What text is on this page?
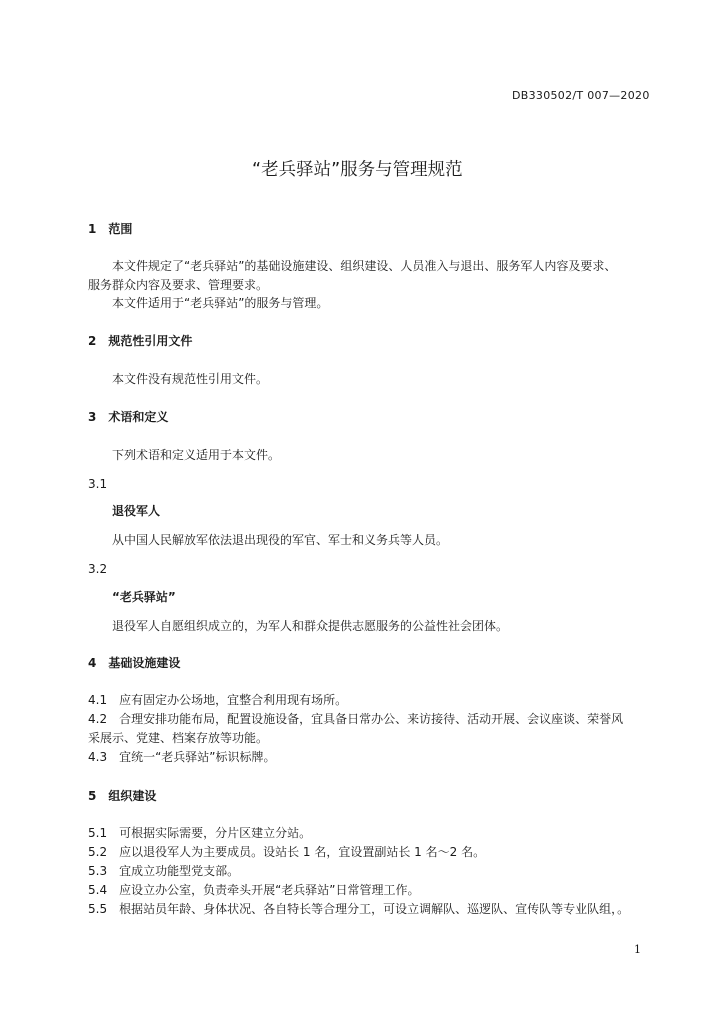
DB330502/T 007—2020
“老兵驿站”服务与管理规范
1　范围
本文件规定了“老兵驿站”的基础设施建设、组织建设、人员准入与退出、服务军人内容及要求、
服务群众内容及要求、管理要求。
本文件适用于“老兵驿站”的服务与管理。
2　规范性引用文件
本文件没有规范性引用文件。
3　术语和定义
下列术语和定义适用于本文件。
3.1
退役军人
从中国人民解放军依法退出现役的军官、军士和义务兵等人员。
3.2
“老兵驿站”
退役军人自愿组织成立的，为军人和群众提供志愿服务的公益性社会团体。
4　基础设施建设
4.1　应有固定办公场地，宜整合利用现有场所。
4.2　合理安排功能布局，配置设施设备，宜具备日常办公、来访接待、活动开展、会议座谈、荣誉风
采展示、党建、档案存放等功能。
4.3　宜统一“老兵驿站”标识标牌。
5　组织建设
5.1　可根据实际需要，分片区建立分站。
5.2　应以退役军人为主要成员。设站长 1 名，宜设置副站长 1 名～2 名。
5.3　宜成立功能型党支部。
5.4　应设立办公室，负责牵头开展“老兵驿站”日常管理工作。
5.5　根据站员年龄、身体状况、各自特长等合理分工，可设立调解队、巡逻队、宣传队等专业队组，。
1
